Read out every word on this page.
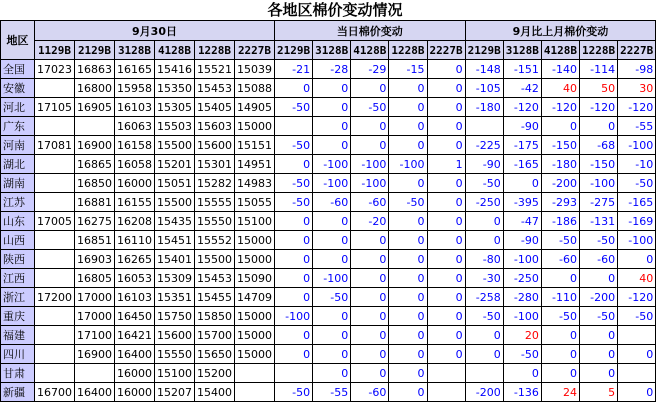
各地区棉价变动情况
地区	9月30日						当日棉价变动					9月比上月棉价变动				
	1129B	2129B	3128B	4128B	1228B	2227B	2129B	3128B	4128B	1228B	2227B	2129B	3128B	4128B	1228B	2227B
全国	17023	16863	16165	15416	15521	15039	-21	-28	-29	-15	0	-148	-151	-140	-114	-98
安徽		16800	15958	15350	15453	15088	0	0	0	0	0	-105	-42	40	50	30
河北	17105	16905	16103	15305	15405	14905	-50	0	-50	0	0	-180	-120	-120	-120	-120
广东			16063	15503	15603	15000		0	0	0	0		-90	0	0	-55
河南	17081	16900	16158	15500	15600	15151	-50	0	0	0	0	-225	-175	-150	-68	-100
湖北		16865	16058	15201	15301	14951	0	-100	-100	-100	1	-90	-165	-180	-150	-10
湖南		16850	16000	15051	15282	14983	-50	-100	-100	0	0	-50	0	-200	-100	-50
江苏		16881	16155	15500	15555	15055	-50	-60	-60	-50	0	-250	-395	-293	-275	-165
山东	17005	16275	16208	15435	15550	15100	0	0	-20	0	0	0	-47	-186	-131	-169
山西		16851	16110	15451	15552	15000	0	0	0	0	0	0	-90	-50	-50	-100
陕西		16903	16265	15401	15500	15000	0	0	0	0	0	-80	-100	-60	-60	0
江西		16805	16053	15309	15453	15090	0	-100	0	0	0	-30	-250	0	0	40
浙江	17200	17000	16103	15351	15455	14709	0	-50	0	0	0	-258	-280	-110	-200	-120
重庆		17000	16450	15750	15850	15000	-100	0	0	0	0	-50	-100	-50	-50	-50
福建		17100	16421	15600	15700	15000	0	0	0	0	0	0	20	0	0	
四川		16900	16400	15550	15650	15000	0	0	0	0	0	0	-50	0	0	0
甘肃			16000	15100	15200			0	0	0			0	0	0	
新疆	16700	16400	16000	15207	15400		-50	-55	-60	0		-200	-136	24	5	0
